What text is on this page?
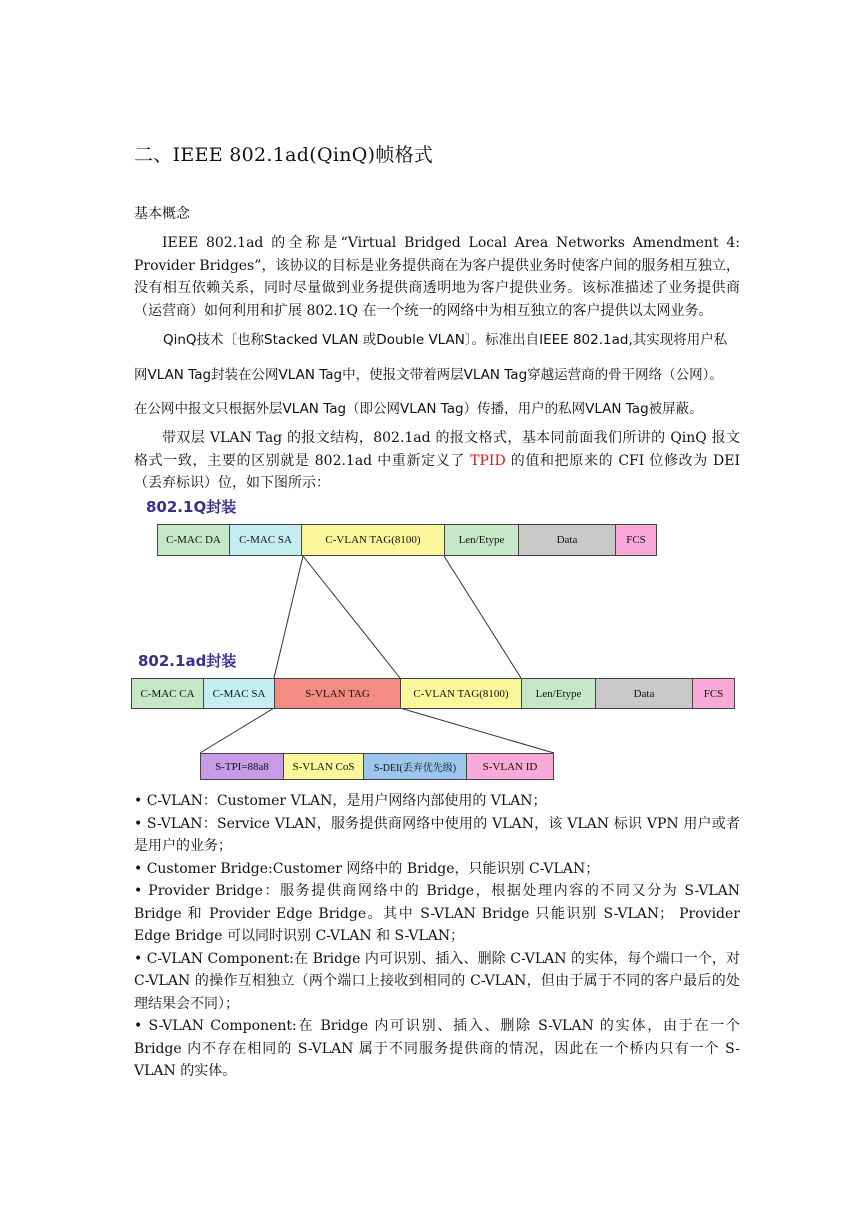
二、IEEE 802.1ad(QinQ)帧格式
基本概念

IEEE 802.1ad 的全称是“Virtual Bridged Local Area Networks Amendment 4: Provider Bridges”，该协议的目标是业务提供商在为客户提供业务时使客户间的服务相互独立，没有相互依赖关系，同时尽量做到业务提供商透明地为客户提供业务。该标准描述了业务提供商（运营商）如何利用和扩展 802.1Q 在一个统一的网络中为相互独立的客户提供以太网业务。

QinQ技术〔也称Stacked VLAN 或Double VLAN〕。标准出自IEEE 802.1ad,其实现将用户私
网VLAN Tag封装在公网VLAN Tag中，使报文带着两层VLAN Tag穿越运营商的骨干网络（公网）。
在公网中报文只根据外层VLAN Tag（即公网VLAN Tag）传播，用户的私网VLAN Tag被屏蔽。

带双层 VLAN Tag 的报文结构，802.1ad 的报文格式，基本同前面我们所讲的 QinQ 报文格式一致，主要的区别就是 802.1ad 中重新定义了 TPID 的值和把原来的 CFI 位修改为 DEI（丢弃标识）位，如下图所示：

802.1Q封装
802.1ad封装
C-MAC DA	C-MAC SA	C-VLAN TAG(8100)	Len/Etype	Data	FCS
C-MAC CA	C-MAC SA	S-VLAN TAG	C-VLAN TAG(8100)	Len/Etype	Data	FCS
S-TPI=88a8	S-VLAN CoS	S-DEI(丢弃优先级)	S-VLAN ID

• C-VLAN：Customer VLAN，是用户网络内部使用的 VLAN；

• S-VLAN：Service VLAN，服务提供商网络中使用的 VLAN，该 VLAN 标识 VPN 用户或者是用户的业务；

• Customer Bridge:Customer 网络中的 Bridge，只能识别 C-VLAN；

• Provider Bridge：服务提供商网络中的 Bridge，根据处理内容的不同又分为 S-VLAN Bridge 和 Provider Edge Bridge。其中 S-VLAN Bridge 只能识别 S-VLAN； Provider Edge Bridge 可以同时识别 C-VLAN 和 S-VLAN；

• C-VLAN Component:在 Bridge 内可识别、插入、删除 C-VLAN 的实体，每个端口一个，对 C-VLAN 的操作互相独立（两个端口上接收到相同的 C-VLAN，但由于属于不同的客户最后的处理结果会不同）；

• S-VLAN Component:在 Bridge 内可识别、插入、删除 S-VLAN 的实体，由于在一个 Bridge 内不存在相同的 S-VLAN 属于不同服务提供商的情况，因此在一个桥内只有一个 S-VLAN 的实体。
